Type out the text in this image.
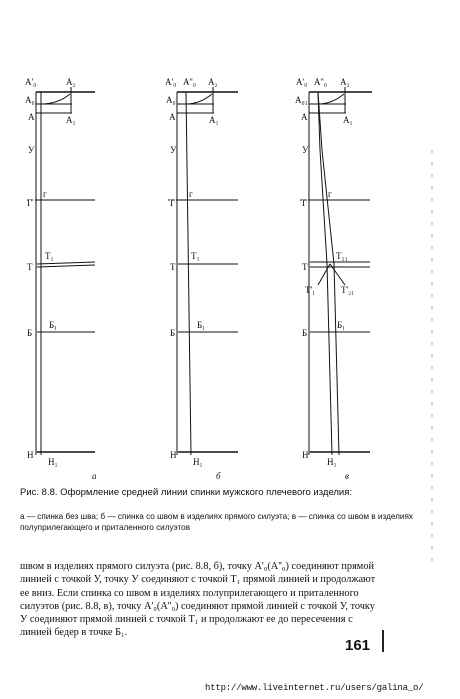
A'₀	A₂
A₀
A	A₁
У
г
Г
T₁
Т
Б₁
Б
Н
Н₁
а
A'₀ A''₀ A₂
A₀
A	A₁
У
г
Г
T₁
Т
Б₁
Б
Н
Н₁
б
A'₀ A''₀ A₂
A₀₁
A	A₁
У
г
Г
T₁₁
Т
T'₁	T'₂₁
Б₁
Б
Н
Н₁
в
Рис. 8.8. Оформление средней линии спинки мужского плечевого изделия:
а — спинка без шва; б — спинка со швом в изделиях прямого силуэта; в — спинка со швом в изделиях полуприлегающего и приталенного силуэтов

швом в изделиях прямого силуэта (рис. 8.8, б), точку A'₀(A''₀) соединяют прямой линией с точкой У, точку У соединяют с точкой Т₁ прямой линией и продолжают ее вниз. Если спинка со швом в изделиях полуприлегающего и приталенного силуэтов (рис. 8.8, в), точку A'₀(A''₀) соединяют прямой линией с точкой У, точку У соединяют прямой линией с точкой Т₁ и продолжают ее до пересечения с линией бедер в точке Б₁.

161
http://www.liveinternet.ru/users/galina_o/
